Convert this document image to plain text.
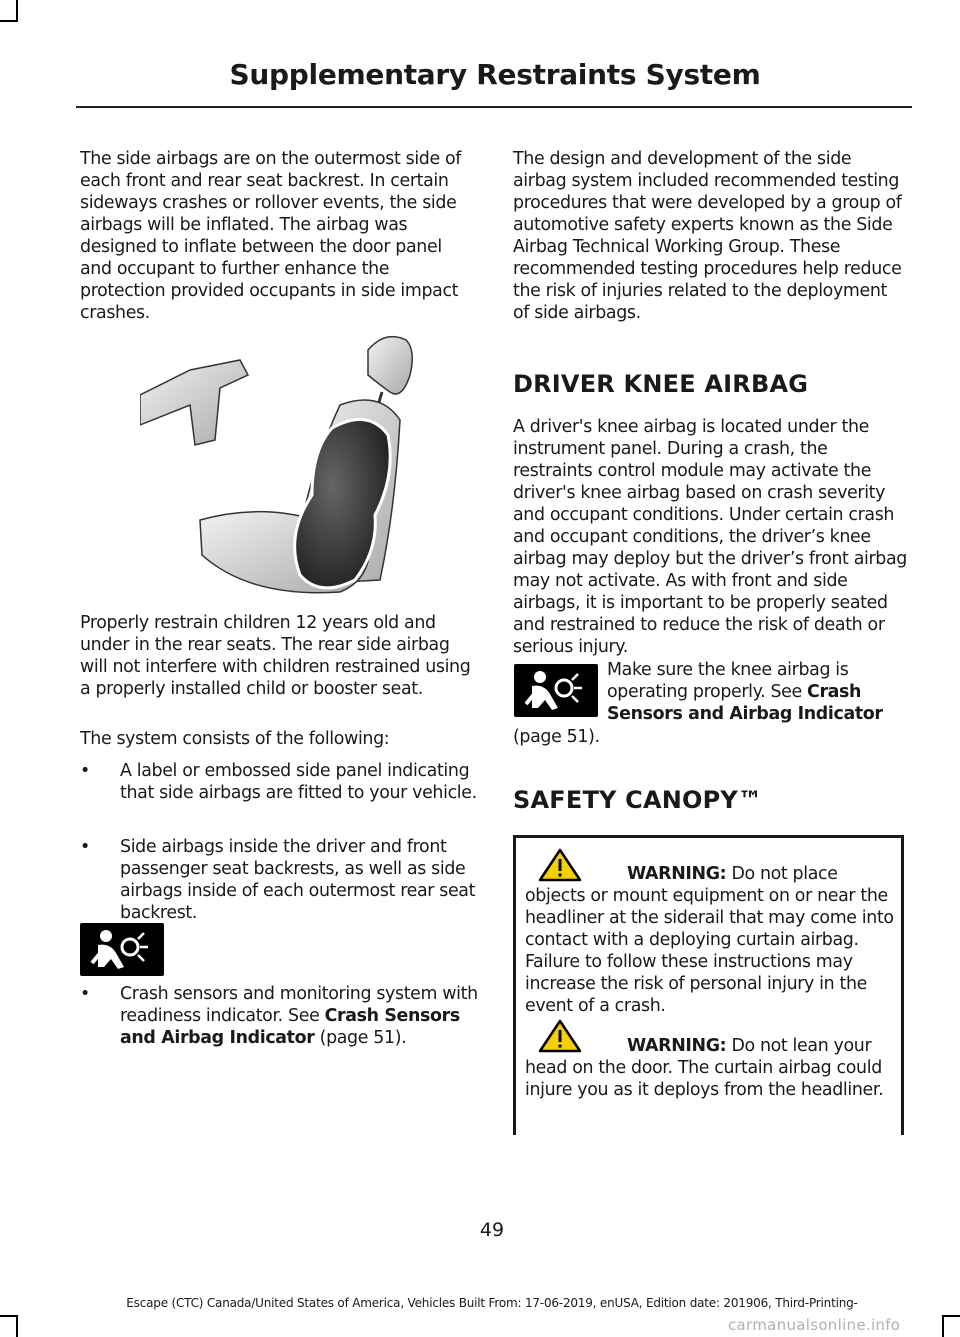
Supplementary Restraints System

The side airbags are on the outermost side of each front and rear seat backrest. In certain sideways crashes or rollover events, the side airbags will be inflated. The airbag was designed to inflate between the door panel and occupant to further enhance the protection provided occupants in side impact crashes.

Properly restrain children 12 years old and under in the rear seats. The rear side airbag will not interfere with children restrained using a properly installed child or booster seat.

The system consists of the following:

• A label or embossed side panel indicating that side airbags are fitted to your vehicle.
• Side airbags inside the driver and front passenger seat backrests, as well as side airbags inside of each outermost rear seat backrest.
• Crash sensors and monitoring system with readiness indicator. See Crash Sensors and Airbag Indicator (page 51).

The design and development of the side airbag system included recommended testing procedures that were developed by a group of automotive safety experts known as the Side Airbag Technical Working Group. These recommended testing procedures help reduce the risk of injuries related to the deployment of side airbags.

DRIVER KNEE AIRBAG

A driver's knee airbag is located under the instrument panel. During a crash, the restraints control module may activate the driver's knee airbag based on crash severity and occupant conditions. Under certain crash and occupant conditions, the driver’s knee airbag may deploy but the driver’s front airbag may not activate. As with front and side airbags, it is important to be properly seated and restrained to reduce the risk of death or serious injury.

Make sure the knee airbag is operating properly. See Crash Sensors and Airbag Indicator

(page 51).

SAFETY CANOPY™

WARNING: Do not place objects or mount equipment on or near the headliner at the siderail that may come into contact with a deploying curtain airbag. Failure to follow these instructions may increase the risk of personal injury in the event of a crash.

WARNING: Do not lean your head on the door. The curtain airbag could injure you as it deploys from the headliner.

49
Escape (CTC) Canada/United States of America, Vehicles Built From: 17-06-2019, enUSA, Edition date: 201906, Third-Printing-
carmanualsonline.info
